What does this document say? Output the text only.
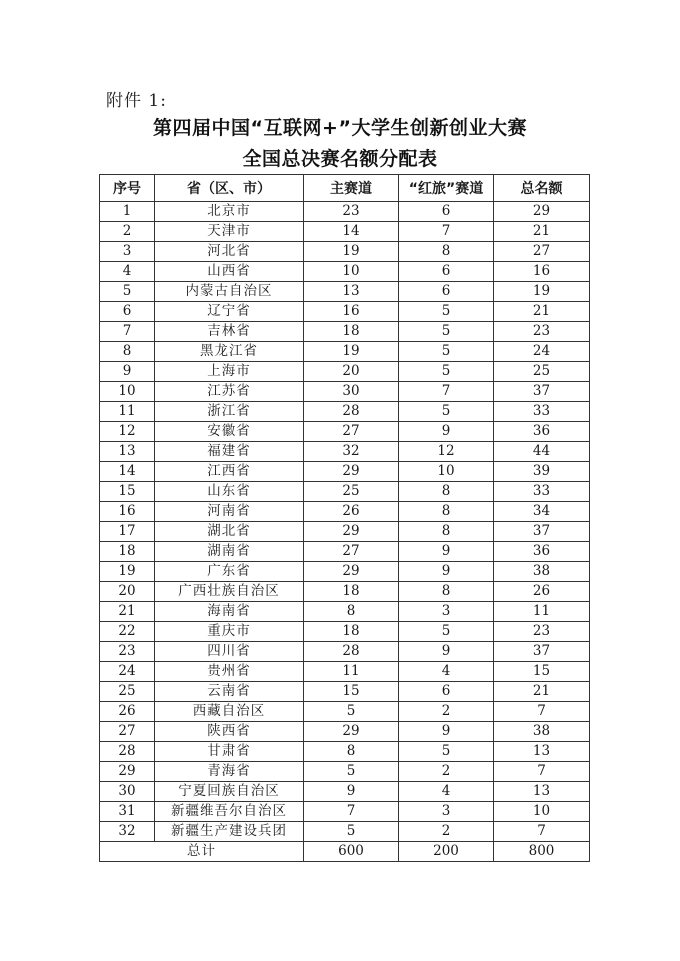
附件 1:
第四届中国“互联网+”大学生创新创业大赛
全国总决赛名额分配表
序号	省（区、市）	主赛道	“红旅”赛道	总名额
1	北京市	23	6	29
2	天津市	14	7	21
3	河北省	19	8	27
4	山西省	10	6	16
5	内蒙古自治区	13	6	19
6	辽宁省	16	5	21
7	吉林省	18	5	23
8	黑龙江省	19	5	24
9	上海市	20	5	25
10	江苏省	30	7	37
11	浙江省	28	5	33
12	安徽省	27	9	36
13	福建省	32	12	44
14	江西省	29	10	39
15	山东省	25	8	33
16	河南省	26	8	34
17	湖北省	29	8	37
18	湖南省	27	9	36
19	广东省	29	9	38
20	广西壮族自治区	18	8	26
21	海南省	8	3	11
22	重庆市	18	5	23
23	四川省	28	9	37
24	贵州省	11	4	15
25	云南省	15	6	21
26	西藏自治区	5	2	7
27	陕西省	29	9	38
28	甘肃省	8	5	13
29	青海省	5	2	7
30	宁夏回族自治区	9	4	13
31	新疆维吾尔自治区	7	3	10
32	新疆生产建设兵团	5	2	7
总计		600	200	800
